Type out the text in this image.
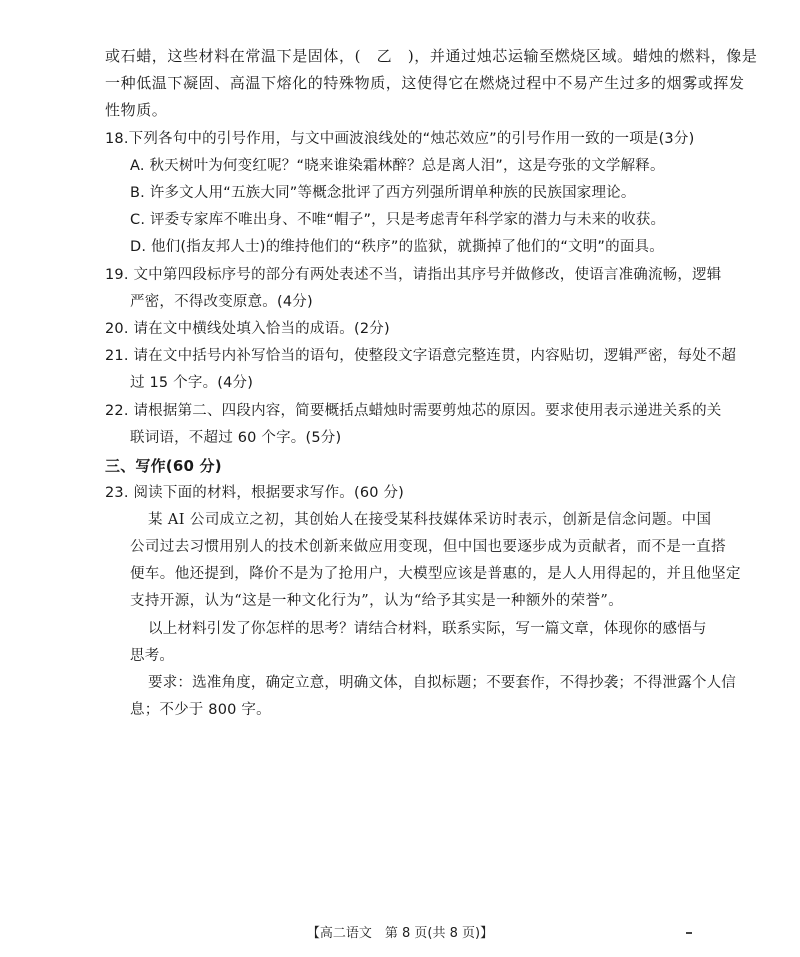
或石蜡，这些材料在常温下是固体，(　乙　)，并通过烛芯运输至燃烧区域。蜡烛的燃料，像是
一种低温下凝固、高温下熔化的特殊物质，这使得它在燃烧过程中不易产生过多的烟雾或挥发
性物质。
18.下列各句中的引号作用，与文中画波浪线处的“烛芯效应”的引号作用一致的一项是(3分)
A. 秋天树叶为何变红呢？“晓来谁染霜林醉？总是离人泪”，这是夸张的文学解释。
B. 许多文人用“五族大同”等概念批评了西方列强所谓单种族的民族国家理论。
C. 评委专家库不唯出身、不唯“帽子”，只是考虑青年科学家的潜力与未来的收获。
D. 他们(指友邦人士)的维持他们的“秩序”的监狱，就撕掉了他们的“文明”的面具。
19. 文中第四段标序号的部分有两处表述不当，请指出其序号并做修改，使语言准确流畅，逻辑
严密，不得改变原意。(4分)
20. 请在文中横线处填入恰当的成语。(2分)
21. 请在文中括号内补写恰当的语句，使整段文字语意完整连贯，内容贴切，逻辑严密，每处不超
过 15 个字。(4分)
22. 请根据第二、四段内容，简要概括点蜡烛时需要剪烛芯的原因。要求使用表示递进关系的关
联词语，不超过 60 个字。(5分)
三、写作(60 分)
23. 阅读下面的材料，根据要求写作。(60 分)
某 AI 公司成立之初，其创始人在接受某科技媒体采访时表示，创新是信念问题。中国
公司过去习惯用别人的技术创新来做应用变现，但中国也要逐步成为贡献者，而不是一直搭
便车。他还提到，降价不是为了抢用户，大模型应该是普惠的，是人人用得起的，并且他坚定
支持开源，认为“这是一种文化行为”，认为“给予其实是一种额外的荣誉”。
以上材料引发了你怎样的思考？请结合材料，联系实际，写一篇文章，体现你的感悟与
思考。
要求：选准角度，确定立意，明确文体，自拟标题；不要套作，不得抄袭；不得泄露个人信
息；不少于 800 字。
【高二语文　第 8 页(共 8 页)】
